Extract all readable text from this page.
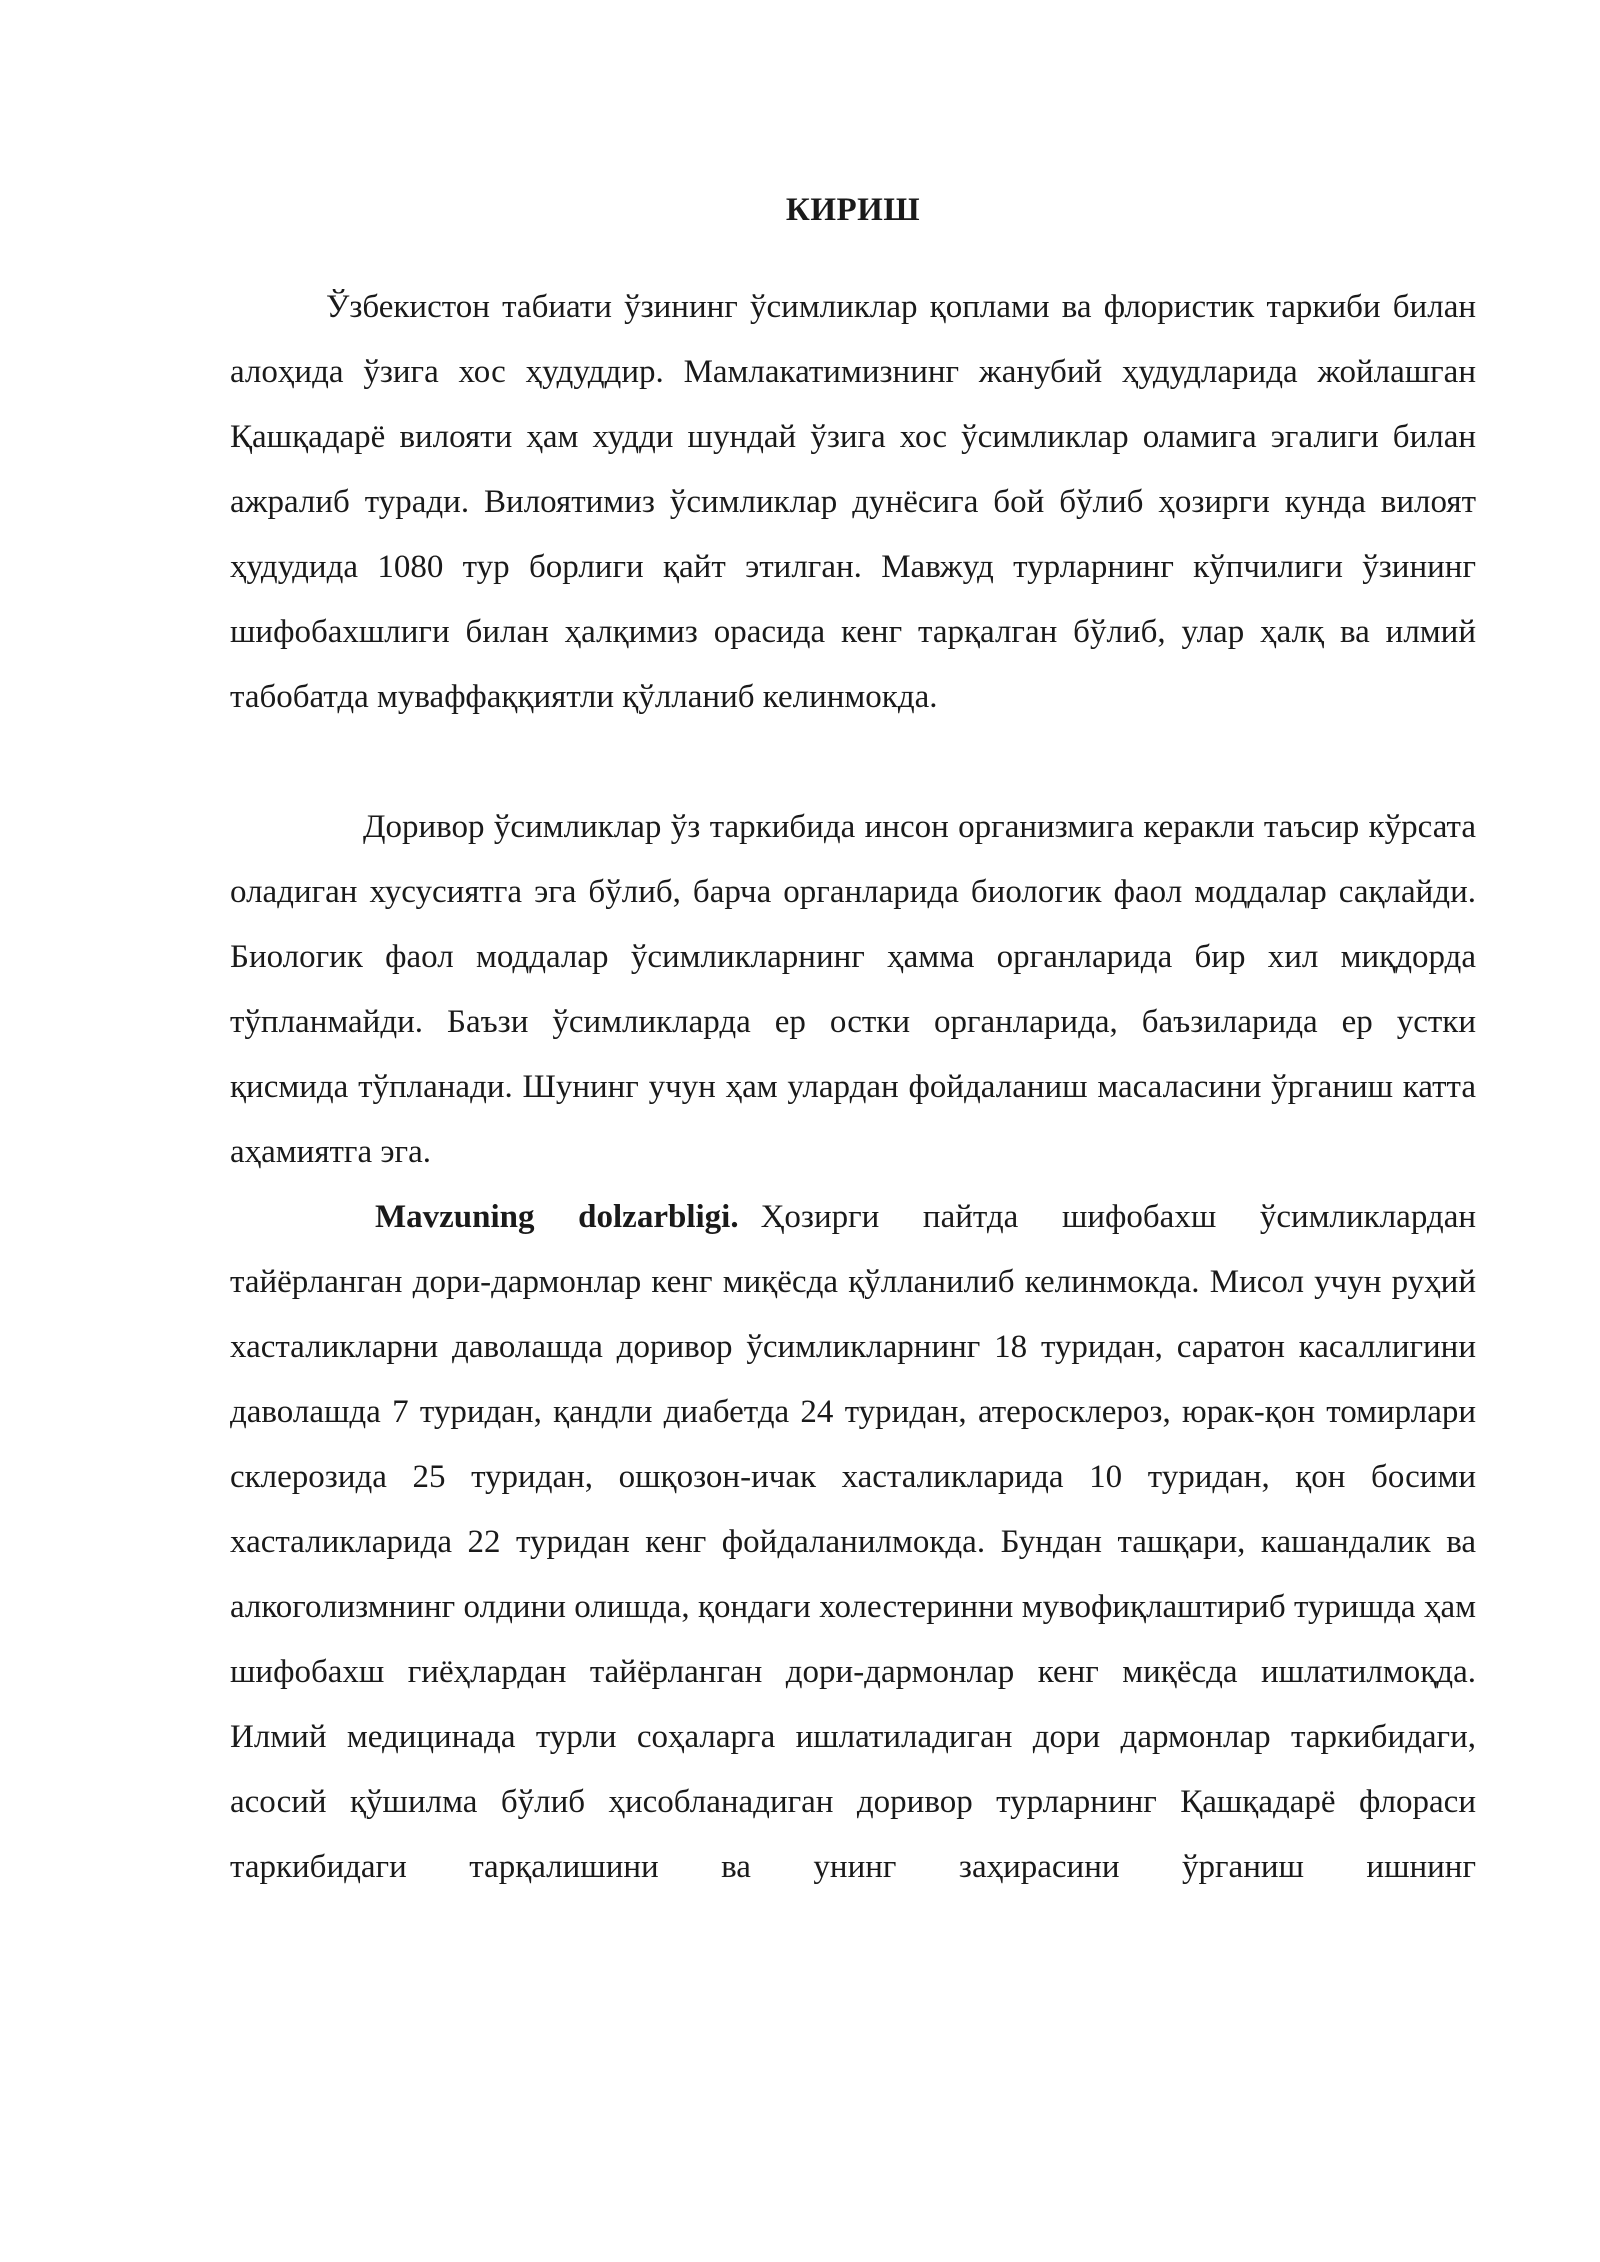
КИРИШ

Ўзбекистон табиати ўзининг ўсимликлар қоплами ва флористик таркиби билан алоҳида ўзига хос ҳудуддир. Мамлакатимизнинг жанубий ҳудудларида жойлашган Қашқадарё вилояти ҳам худди шундай ўзига хос ўсимликлар оламига эгалиги билан ажралиб туради. Вилоятимиз ўсимликлар дунёсига бой бўлиб ҳозирги кунда вилоят ҳудудида 1080 тур борлиги қайт этилган. Мавжуд турларнинг кўпчилиги ўзининг шифобахшлиги билан ҳалқимиз орасида кенг тарқалган бўлиб, улар ҳалқ ва илмий табобатда муваффаққиятли қўлланиб келинмокда.

Доривор ўсимликлар ўз таркибида инсон организмига керакли таъсир кўрсата оладиган хусусиятга эга бўлиб, барча органларида биологик фаол моддалар сақлайди. Биологик фаол моддалар ўсимликларнинг ҳамма органларида бир хил миқдорда тўпланмайди. Баъзи ўсимликларда ер остки органларида, баъзиларида ер устки қисмида тўпланади. Шунинг учун ҳам улардан фойдаланиш масаласини ўрганиш катта аҳамиятга эга.

Mavzuning dolzarbligi. Ҳозирги пайтда шифобахш ўсимликлардан тайёрланган дори-дармонлар кенг миқёсда қўлланилиб келинмокда. Мисол учун руҳий хасталикларни даволашда доривор ўсимликларнинг 18 туридан, саратон касаллигини даволашда 7 туридан, қандли диабетда 24 туридан, атеросклероз, юрак-қон томирлари склерозида 25 туридан, ошқозон-ичак хасталикларида 10 туридан, қон босими хасталикларида 22 туридан кенг фойдаланилмокда. Бундан ташқари, кашандалик ва алкоголизмнинг олдини олишда, қондаги холестеринни мувофиқлаштириб туришда ҳам шифобахш гиёҳлардан тайёрланган дори-дармонлар кенг миқёсда ишлатилмоқда. Илмий медицинада турли соҳаларга ишлатиладиган дори дармонлар таркибидаги, асосий қўшилма бўлиб ҳисобланадиган доривор турларнинг Қашқадарё флораси таркибидаги тарқалишини ва унинг заҳирасини ўрганиш ишнинг
